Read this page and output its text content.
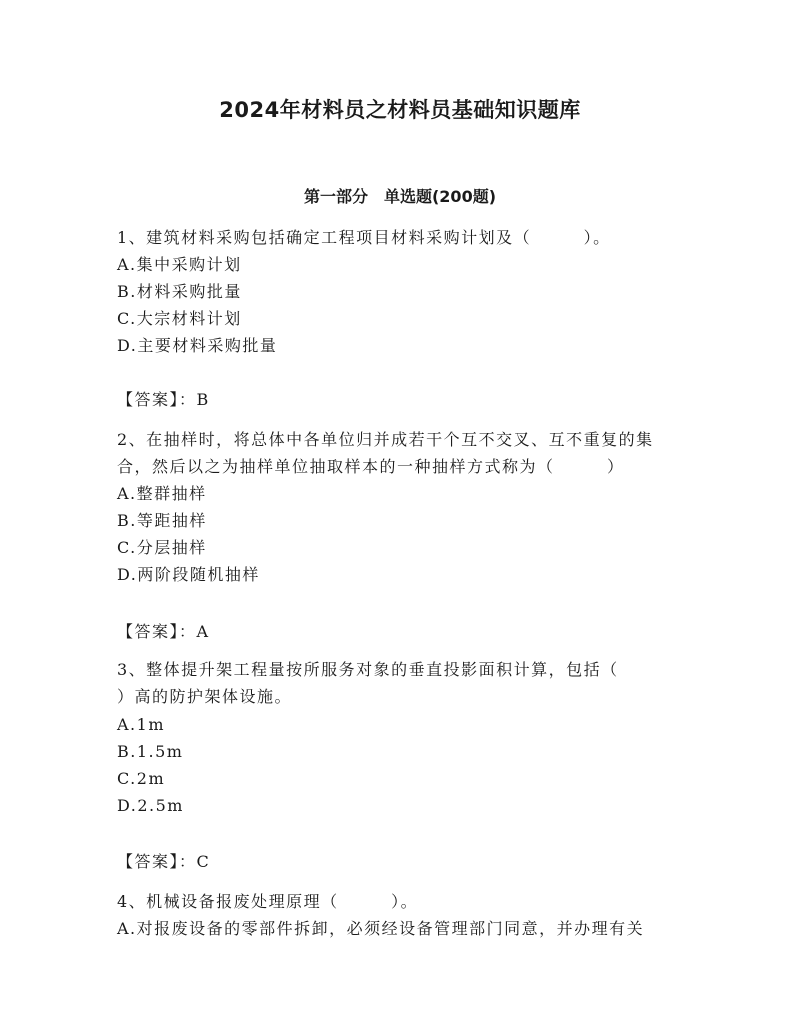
2024年材料员之材料员基础知识题库
第一部分　单选题(200题)
1、建筑材料采购包括确定工程项目材料采购计划及（　　　）。
A.集中采购计划
B.材料采购批量
C.大宗材料计划
D.主要材料采购批量
【答案】：B
2、在抽样时，将总体中各单位归并成若干个互不交叉、互不重复的集
合，然后以之为抽样单位抽取样本的一种抽样方式称为（　　　）
A.整群抽样
B.等距抽样
C.分层抽样
D.两阶段随机抽样
【答案】：A
3、整体提升架工程量按所服务对象的垂直投影面积计算，包括（
）高的防护架体设施。
A.1m
B.1.5m
C.2m
D.2.5m
【答案】：C
4、机械设备报废处理原理（　　　）。
A.对报废设备的零部件拆卸，必须经设备管理部门同意，并办理有关
